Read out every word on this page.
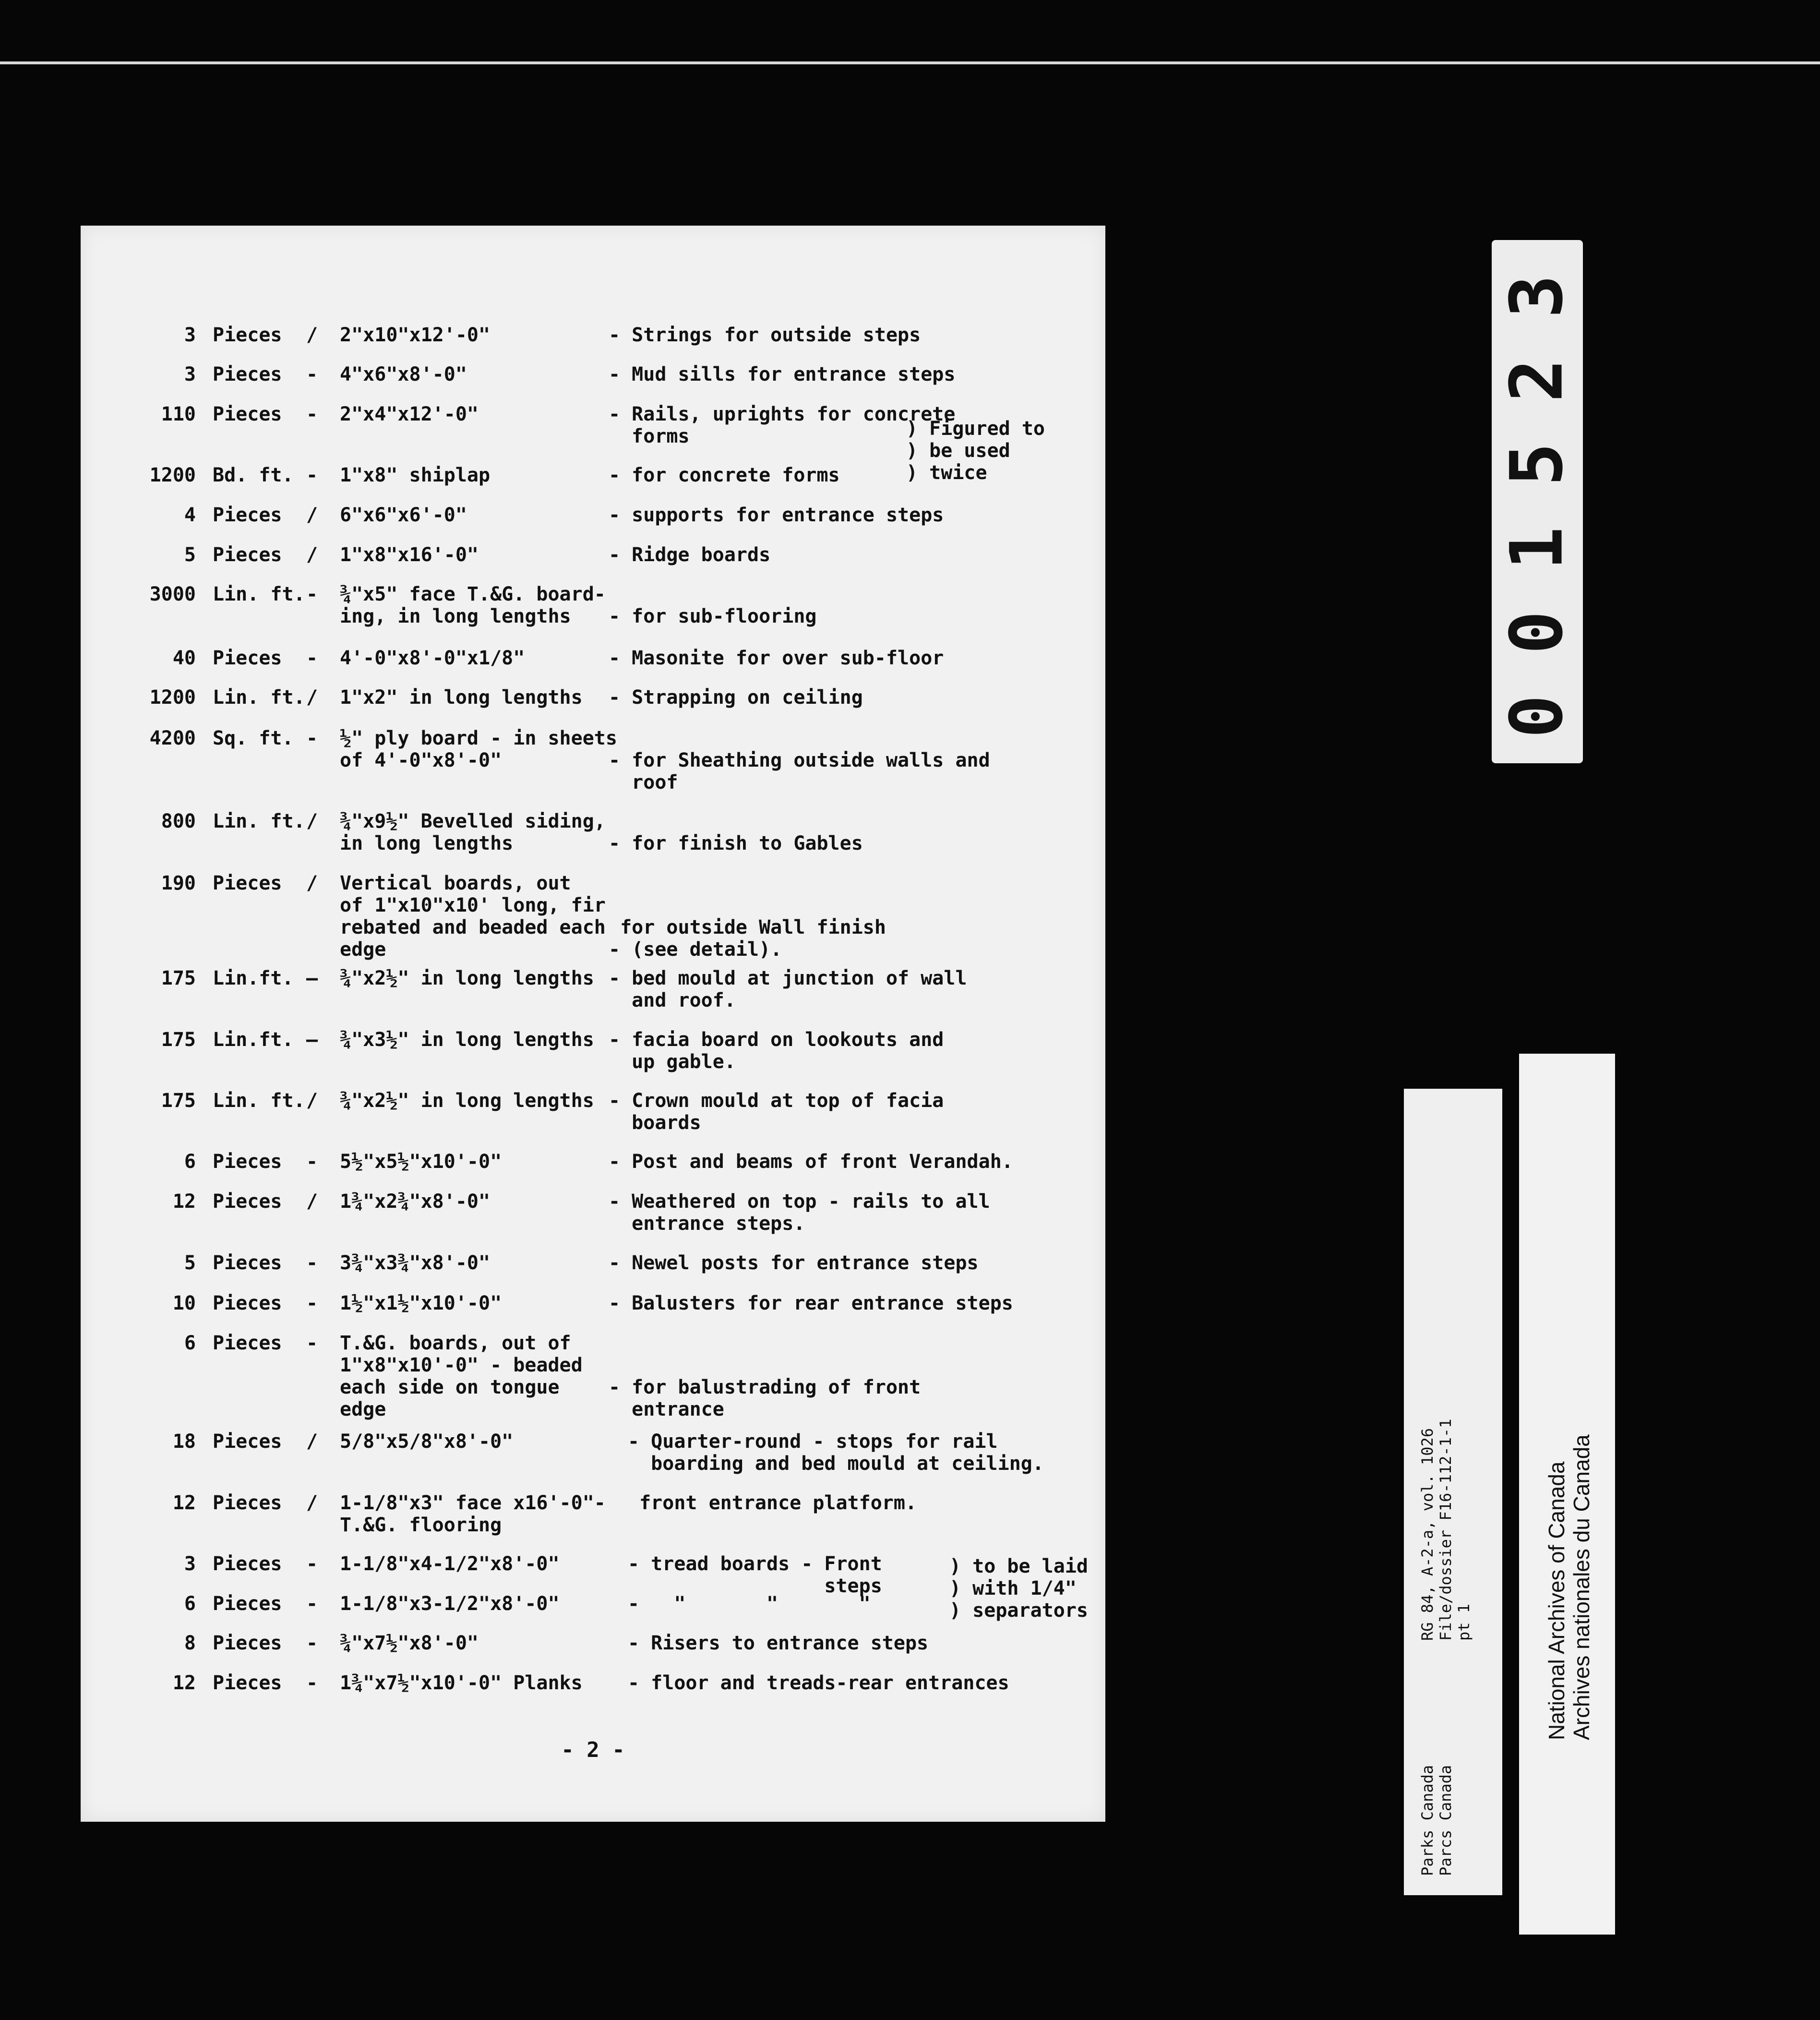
3 Pieces / 2"x10"x12'-0"	- Strings for outside steps
3 Pieces - 4"x6"x8'-0"	- Mud sills for entrance steps
110 Pieces - 2"x4"x12'-0"	- Rails, uprights for concrete
forms
1200 Bd. ft. - 1"x8" shiplap	- for concrete forms
4 Pieces / 6"x6"x6'-0"	- supports for entrance steps
5 Pieces / 1"x8"x16'-0"	- Ridge boards
3000 Lin. ft. - ¾"x5" face T.&G. board-
ing, in long lengths	
- for sub-flooring
40 Pieces - 4'-0"x8'-0"x1/8"	- Masonite for over sub-floor
1200 Lin. ft. / 1"x2" in long lengths - Strapping on ceiling
4200 Sq. ft. - ½" ply board - in sheets
of 4'-0"x8'-0"	
- for Sheathing outside walls and
roof
800 Lin. ft. / ¾"x9½" Bevelled siding,
in long lengths	
- for finish to Gables
190 Pieces / Vertical boards, out
of 1"x10"x10' long, fir
rebated and beaded each
edge

for outside Wall finish
- (see detail).
175 Lin.ft. — ¾"x2½" in long lengths - bed mould at junction of wall
and roof.
175 Lin.ft. — ¾"x3½" in long lengths - facia board on lookouts and
up gable.
175 Lin. ft. / ¾"x2½" in long lengths - Crown mould at top of facia
boards
6 Pieces - 5½"x5½"x10'-0"	- Post and beams of front Verandah.
12 Pieces / 1¾"x2¾"x8'-0"	- Weathered on top - rails to all
entrance steps.
5 Pieces - 3¾"x3¾"x8'-0"	- Newel posts for entrance steps
10 Pieces - 1½"x1½"x10'-0"	- Balusters for rear entrance steps
6 Pieces - T.&G. boards, out of
1"x8"x10'-0" - beaded
each side on tongue
edge

- for balustrading of front
entrance
18 Pieces / 5/8"x5/8"x8'-0"	- Quarter-round - stops for rail
boarding and bed mould at ceiling.
12 Pieces / 1-1/8"x3" face x16'-0"-
T.&G. flooring
front entrance platform.
3 Pieces - 1-1/8"x4-1/2"x8'-0"	- tread boards - Front
steps
6 Pieces - 1-1/8"x3-1/2"x8'-0"	-   "       "       "
8 Pieces - ¾"x7½"x8'-0"	- Risers to entrance steps
12 Pieces - 1¾"x7½"x10'-0" Planks - floor and treads-rear entrances
) Figured to
) be used
) twice
) to be laid
) with 1/4"
) separators
- 2 -
0
0
1
5
2
3
RG 84, A-2-a, vol. 1026 File/dossier F16-112-1-1 pt 1
Parks Canada Parcs Canada
National Archives of Canada Archives nationales du Canada
